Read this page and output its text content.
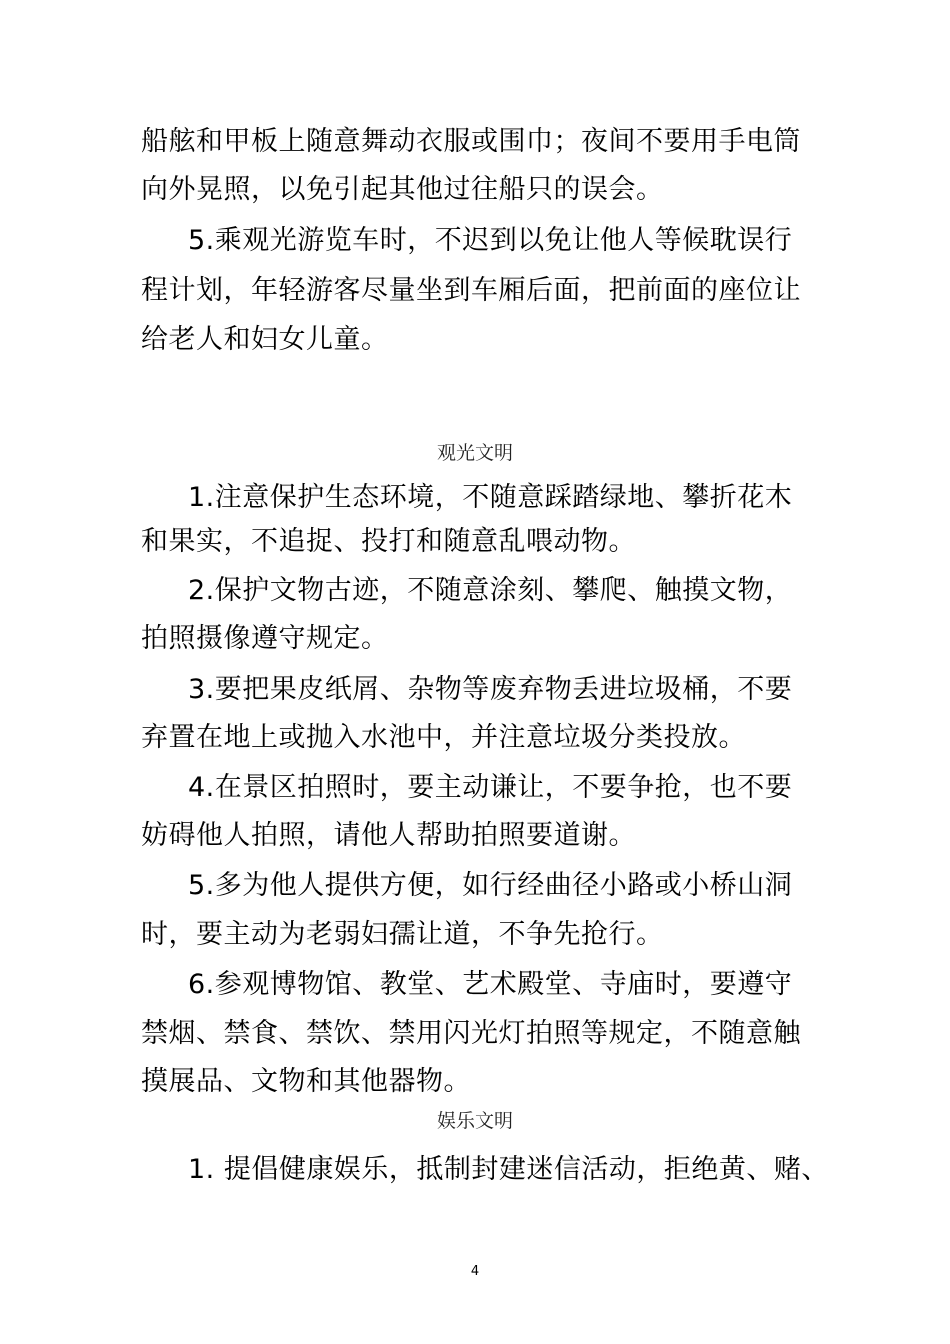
船舷和甲板上随意舞动衣服或围巾；夜间不要用手电筒
向外晃照，以免引起其他过往船只的误会。
5.乘观光游览车时，不迟到以免让他人等候耽误行
程计划，年轻游客尽量坐到车厢后面，把前面的座位让
给老人和妇女儿童。
观光文明
1.注意保护生态环境，不随意踩踏绿地、攀折花木
和果实，不追捉、投打和随意乱喂动物。
2.保护文物古迹，不随意涂刻、攀爬、触摸文物，
拍照摄像遵守规定。
3.要把果皮纸屑、杂物等废弃物丢进垃圾桶，不要
弃置在地上或抛入水池中，并注意垃圾分类投放。
4.在景区拍照时，要主动谦让，不要争抢，也不要
妨碍他人拍照，请他人帮助拍照要道谢。
5.多为他人提供方便，如行经曲径小路或小桥山洞
时，要主动为老弱妇孺让道，不争先抢行。
6.参观博物馆、教堂、艺术殿堂、寺庙时，要遵守
禁烟、禁食、禁饮、禁用闪光灯拍照等规定，不随意触
摸展品、文物和其他器物。
娱乐文明
1. 提倡健康娱乐，抵制封建迷信活动，拒绝黄、赌、
4
